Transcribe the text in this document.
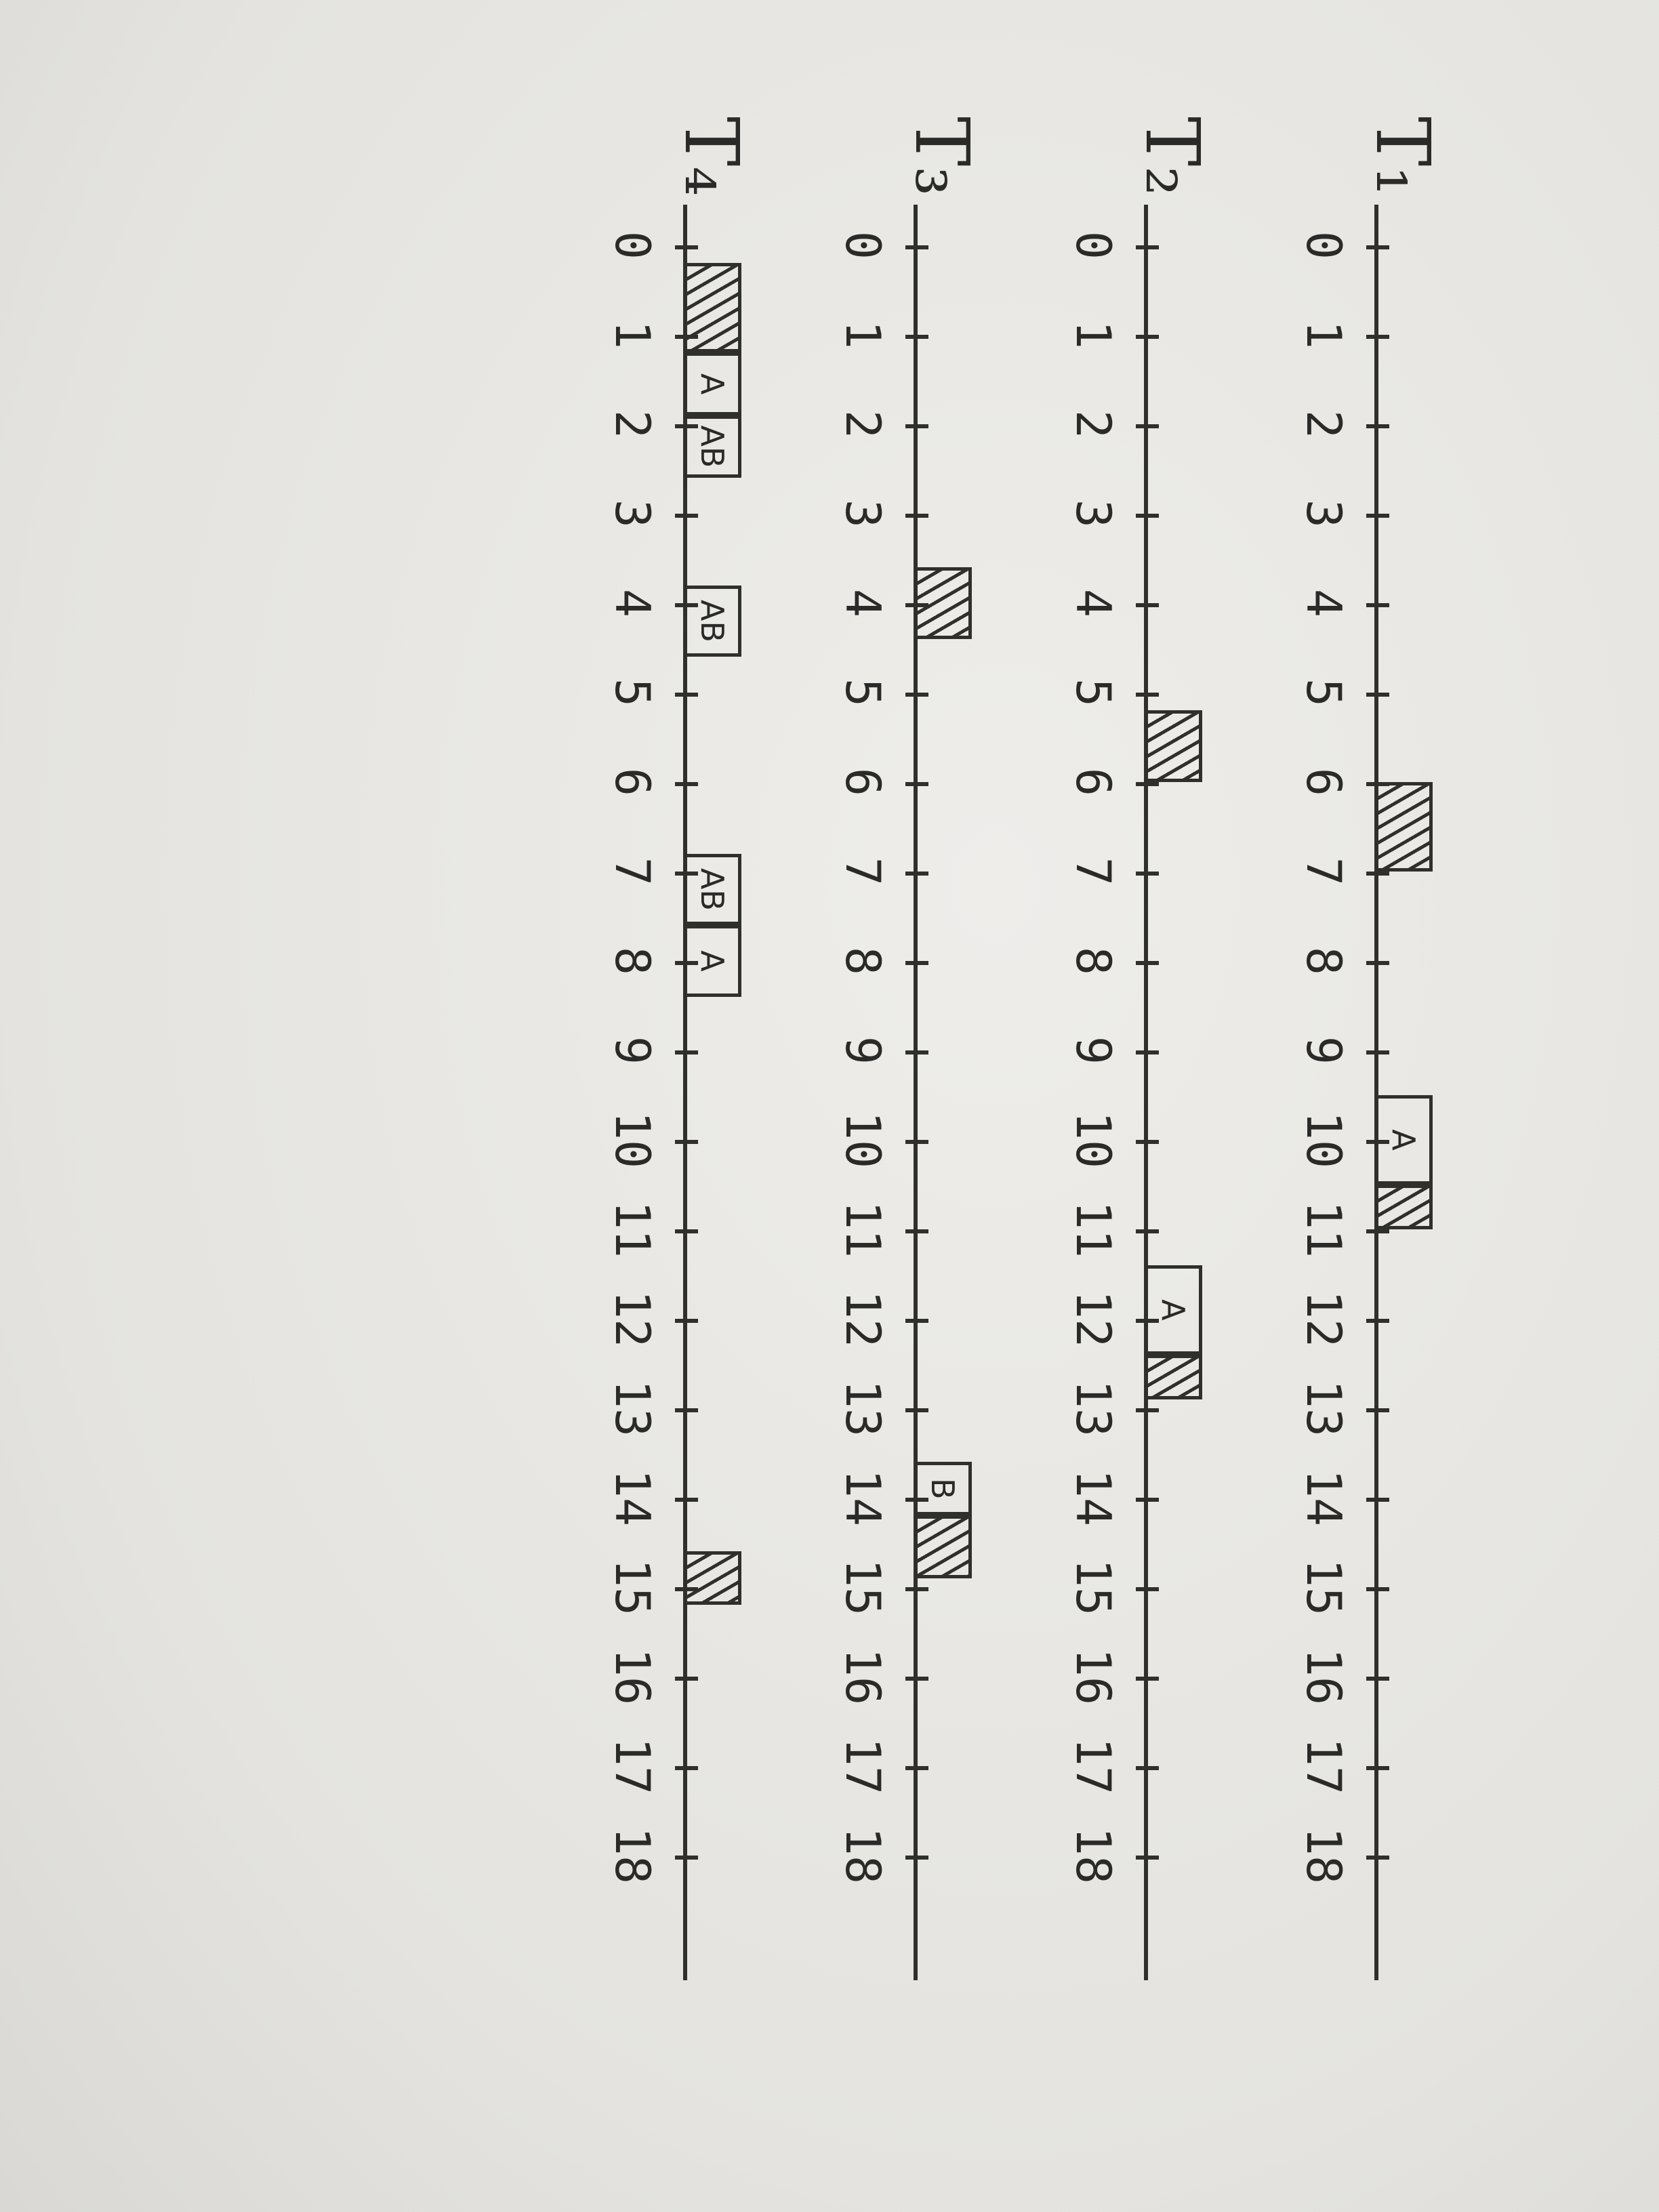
T₁
0
1
2
3
4
5
6
7
8
9
10
11
12
13
14
15
16
17
18
A
T₂
0
1
2
3
4
5
6
7
8
9
10
11
12
13
14
15
16
17
18
A
T₃
0
1
2
3
4
5
6
7
8
9
10
11
12
13
14
15
16
17
18
B
T₄
0
1
2
3
4
5
6
7
8
9
10
11
12
13
14
15
16
17
18
A
AB
AB
AB
A
